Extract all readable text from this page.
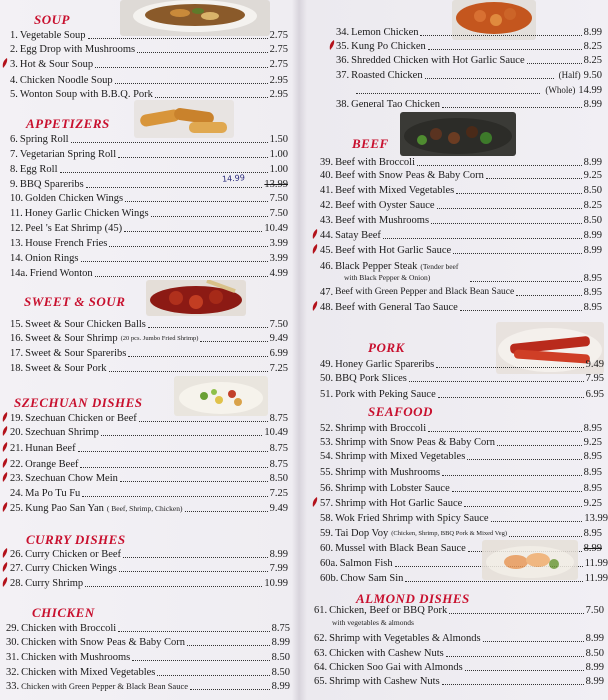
SOUP
1. Vegetable Soup	2.75
2. Egg Drop with Mushrooms	2.75
3. Hot & Sour Soup	2.75
4. Chicken Noodle Soup	2.95
5. Wonton Soup with B.B.Q. Pork	2.95
APPETIZERS
6. Spring Roll	1.50
7. Vegetarian Spring Roll	1.00
8. Egg Roll	1.00
9. BBQ Spareribs	13.99
14.99
10. Golden Chicken Wings	7.50
11. Honey Garlic Chicken Wings	7.50
12. Peel 's Eat Shrimp (45)	10.49
13. House French Fries	3.99
14. Onion Rings	3.99
14a. Friend Wonton	4.99
SWEET & SOUR
15. Sweet & Sour Chicken Balls	7.50
16. Sweet & Sour Shrimp (20 pcs. Jumbo Fried Shrimp)	9.49
17. Sweet & Sour Spareribs	6.99
18. Sweet & Sour Pork	7.25
SZECHUAN DISHES
19. Szechuan Chicken or Beef	8.75
20. Szechuan Shrimp	10.49
21. Hunan Beef	8.75
22. Orange Beef	8.75
23. Szechuan Chow Mein	8.50
24. Ma Po Tu Fu	7.25
25. Kung Pao San Yan ( Beef, Shrimp, Chicken)	9.49
CURRY DISHES
26. Curry Chicken or Beef	8.99
27. Curry Chicken Wings	7.99
28. Curry Shrimp	10.99
CHICKEN
29. Chicken with Broccoli	8.75
30. Chicken with Snow Peas & Baby Corn	8.99
31. Chicken with Mushrooms	8.50
32. Chicken with Mixed Vegetables	8.50
33. Chicken with Green Pepper & Black Bean Sauce	8.99
34. Lemon Chicken	8.99
35. Kung Po Chicken	8.25
36. Shredded Chicken with Hot Garlic Sauce	8.25
37. Roasted Chicken	(Half) 9.50
(Whole) 14.99
38. General Tao Chicken	8.99
BEEF
39. Beef with Broccoli	8.99
40. Beef with Snow Peas & Baby Corn	9.25
41. Beef with Mixed Vegetables	8.50
42. Beef with Oyster Sauce	8.25
43. Beef with Mushrooms	8.50
44. Satay Beef	8.99
45. Beef with Hot Garlic Sauce	8.99
46. Black Pepper Steak (Tender beef
with Black Pepper & Onion)	8.95
47. Beef with Green Pepper and Black Bean Sauce	8.95
48. Beef with General Tao Sauce	8.95
PORK
49. Honey Garlic Spareribs	9.49
50. BBQ Pork Slices	7.95
51. Pork with Peking Sauce	6.95
SEAFOOD
52. Shrimp with Broccoli	8.95
53. Shrimp with Snow Peas & Baby Corn	9.25
54. Shrimp with Mixed Vegetables	8.95
55. Shrimp with Mushrooms	8.95
56. Shrimp with Lobster Sauce	8.95
57. Shrimp with Hot Garlic Sauce	9.25
58. Wok Fried Shrimp with Spicy Sauce	13.99
59. Tai Dop Voy (Chicken, Shrimp, BBQ Pork & Mixed Veg)	8.95
60. Mussel with Black Bean Sauce	8.99
60a. Salmon Fish	11.99
60b. Chow Sam Sin	11.99
ALMOND DISHES
61. Chicken, Beef or BBQ Pork	7.50
with vegetables & almonds
62. Shrimp with Vegetables & Almonds	8.99
63. Chicken with Cashew Nuts	8.50
64. Chicken Soo Gai with Almonds	8.99
65. Shrimp with Cashew Nuts	8.99
